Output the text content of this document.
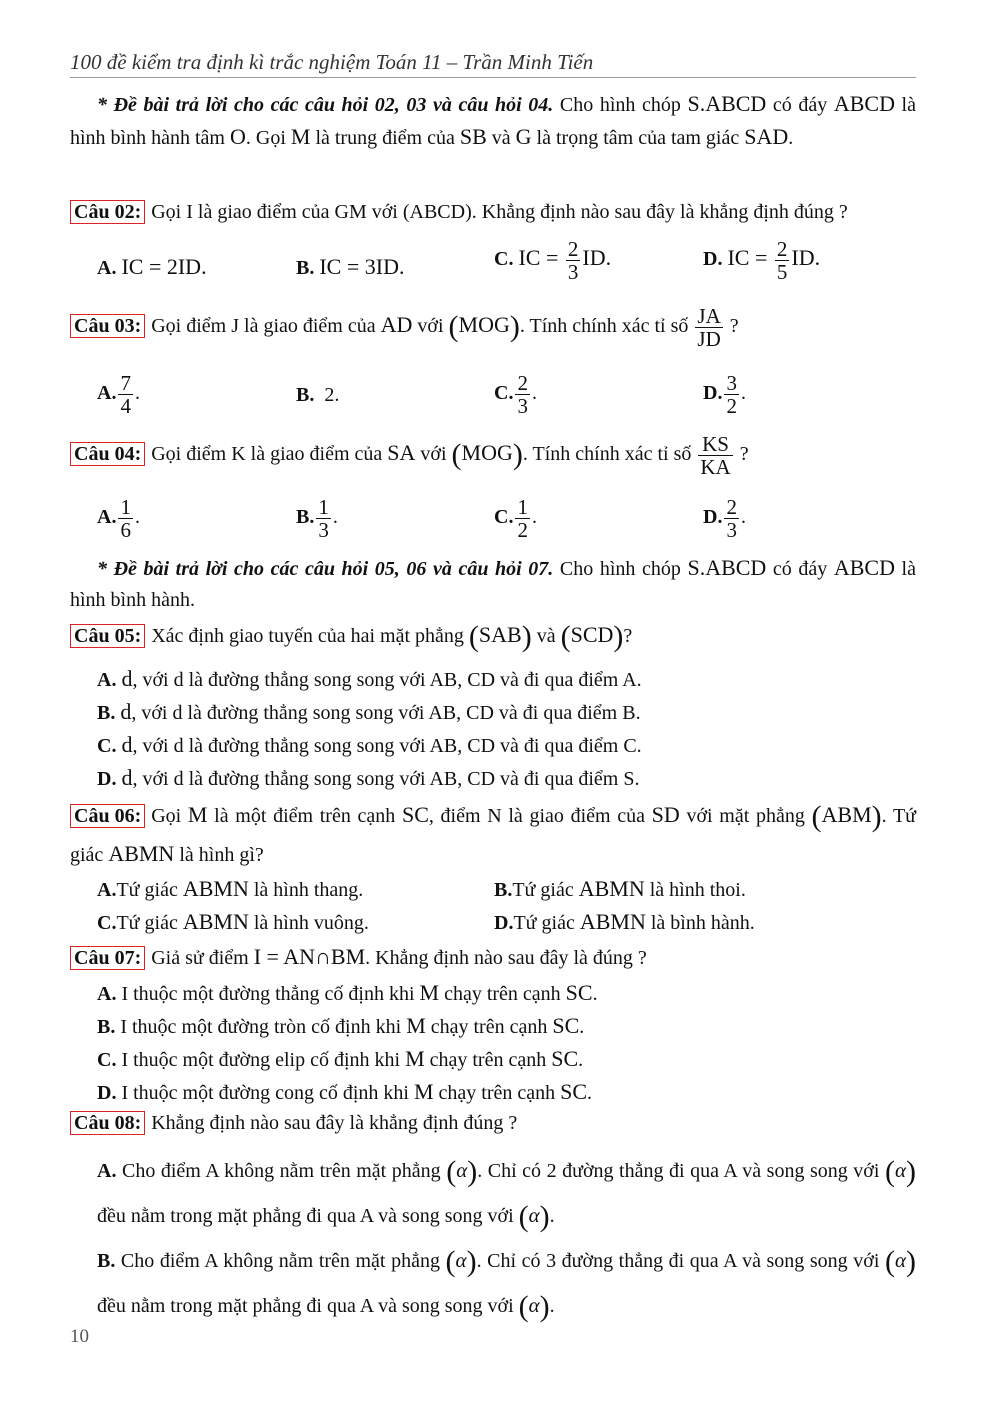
100 đề kiểm tra định kì trắc nghiệm Toán 11 – Trần Minh Tiến
* Đề bài trả lời cho các câu hỏi 02, 03 và câu hỏi 04. Cho hình chóp S.ABCD có đáy ABCD là hình bình hành tâm O. Gọi M là trung điểm của SB và G là trọng tâm của tam giác SAD.
Câu 02: Gọi I là giao điểm của GM với (ABCD). Khẳng định nào sau đây là khẳng định đúng ?
A. IC = 2ID.	B. IC = 3ID.	C. IC = $\frac{2}{3}$ ID.	D. IC = $\frac{2}{5}$ ID.
Câu 03: Gọi điểm J là giao điểm của AD với (MOG). Tính chính xác tỉ số $\frac{JA}{JD}$ ?
A. $\frac{7}{4}$ .	B. 2.	C. $\frac{2}{3}$ .	D. $\frac{3}{2}$ .
Câu 04: Gọi điểm K là giao điểm của SA với (MOG). Tính chính xác tỉ số $\frac{KS}{KA}$ ?
A. $\frac{1}{6}$ .	B. $\frac{1}{3}$ .	C. $\frac{1}{2}$ .	D. $\frac{2}{3}$ .
* Đề bài trả lời cho các câu hỏi 05, 06 và câu hỏi 07. Cho hình chóp S.ABCD có đáy ABCD là hình bình hành.
Câu 05: Xác định giao tuyến của hai mặt phẳng (SAB) và (SCD)?
A. d, với d là đường thẳng song song với AB, CD và đi qua điểm A.
B. d, với d là đường thẳng song song với AB, CD và đi qua điểm B.
C. d, với d là đường thẳng song song với AB, CD và đi qua điểm C.
D. d, với d là đường thẳng song song với AB, CD và đi qua điểm S.
Câu 06: Gọi M là một điểm trên cạnh SC, điểm N là giao điểm của SD với mặt phẳng (ABM). Tứ giác ABMN là hình gì?
A.Tứ giác ABMN là hình thang.	B.Tứ giác ABMN là hình thoi.
C.Tứ giác ABMN là hình vuông.	D.Tứ giác ABMN là bình hành.
Câu 07: Giả sử điểm I = AN∩BM. Khẳng định nào sau đây là đúng ?
A. I thuộc một đường thẳng cố định khi M chạy trên cạnh SC.
B. I thuộc một đường tròn cố định khi M chạy trên cạnh SC.
C. I thuộc một đường elip cố định khi M chạy trên cạnh SC.
D. I thuộc một đường cong cố định khi M chạy trên cạnh SC.
Câu 08: Khẳng định nào sau đây là khẳng định đúng ?
A. Cho điểm A không nằm trên mặt phẳng (α). Chỉ có 2 đường thẳng đi qua A và song song với (α) đều nằm trong mặt phẳng đi qua A và song song với (α).
B. Cho điểm A không nằm trên mặt phẳng (α). Chỉ có 3 đường thẳng đi qua A và song song với (α) đều nằm trong mặt phẳng đi qua A và song song với (α).
10
